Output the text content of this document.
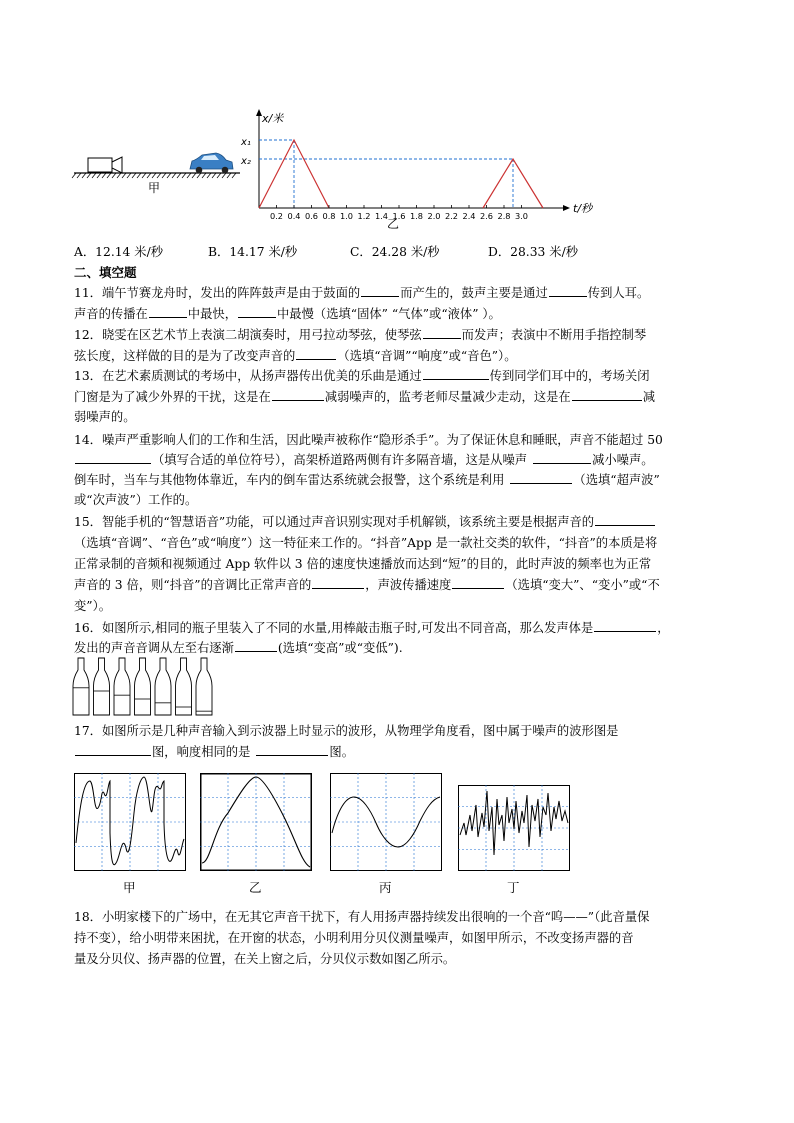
甲
x/米
t/秒
x₁
x₂
0.2 0.4 0.6 0.8 1.0 1.2 1.4 1.6 1.8 2.0 2.2 2.4 2.6 2.8 3.0
乙
A．12.14 米/秒	B．14.17 米/秒	C．24.28 米/秒	D．28.33 米/秒
二、填空题
11．端午节赛龙舟时，发出的阵阵鼓声是由于鼓面的	而产生的，鼓声主要是通过	传到人耳。
声音的传播在	中最快，	中最慢（选填“固体” “气体”或“液体” ）。
12．晓雯在区艺术节上表演二胡演奏时，用弓拉动琴弦，使琴弦	而发声；表演中不断用手指控制琴
弦长度，这样做的目的是为了改变声音的	（选填“音调”“响度”或“音色”）。
13．在艺术素质测试的考场中，从扬声器传出优美的乐曲是通过	传到同学们耳中的，考场关闭
门窗是为了减少外界的干扰，这是在	减弱噪声的，监考老师尽量减少走动，这是在	减
弱噪声的。
14．噪声严重影响人们的工作和生活，因此噪声被称作“隐形杀手”。为了保证休息和睡眠，声音不能超过 50
（填写合适的单位符号），高架桥道路两侧有许多隔音墙，这是从噪声	减小噪声。
倒车时，当车与其他物体靠近，车内的倒车雷达系统就会报警，这个系统是利用	（选填“超声波”
或“次声波”）工作的。
15．智能手机的“智慧语音”功能，可以通过声音识别实现对手机解锁，该系统主要是根据声音的
（选填“音调”、“音色”或“响度”）这一特征来工作的。“抖音”App 是一款社交类的软件，“抖音”的本质是将
正常录制的音频和视频通过 App 软件以 3 倍的速度快速播放而达到“短”的目的，此时声波的频率也为正常
声音的 3 倍，则“抖音”的音调比正常声音的	，声波传播速度	（选填“变大”、“变小”或“不
变”）。
16．如图所示,相同的瓶子里装入了不同的水量,用棒敲击瓶子时,可发出不同音高，那么发声体是	，
发出的声音音调从左至右逐渐	(选填“变高”或“变低”).
17．如图所示是几种声音输入到示波器上时显示的波形，从物理学角度看，图中属于噪声的波形图是
图，响度相同的是	图。
甲	乙	丙	丁
18．小明家楼下的广场中，在无其它声音干扰下，有人用扬声器持续发出很响的一个音“呜——”（此音量保
持不变），给小明带来困扰，在开窗的状态，小明利用分贝仪测量噪声，如图甲所示，不改变扬声器的音
量及分贝仪、扬声器的位置，在关上窗之后，分贝仪示数如图乙所示。
